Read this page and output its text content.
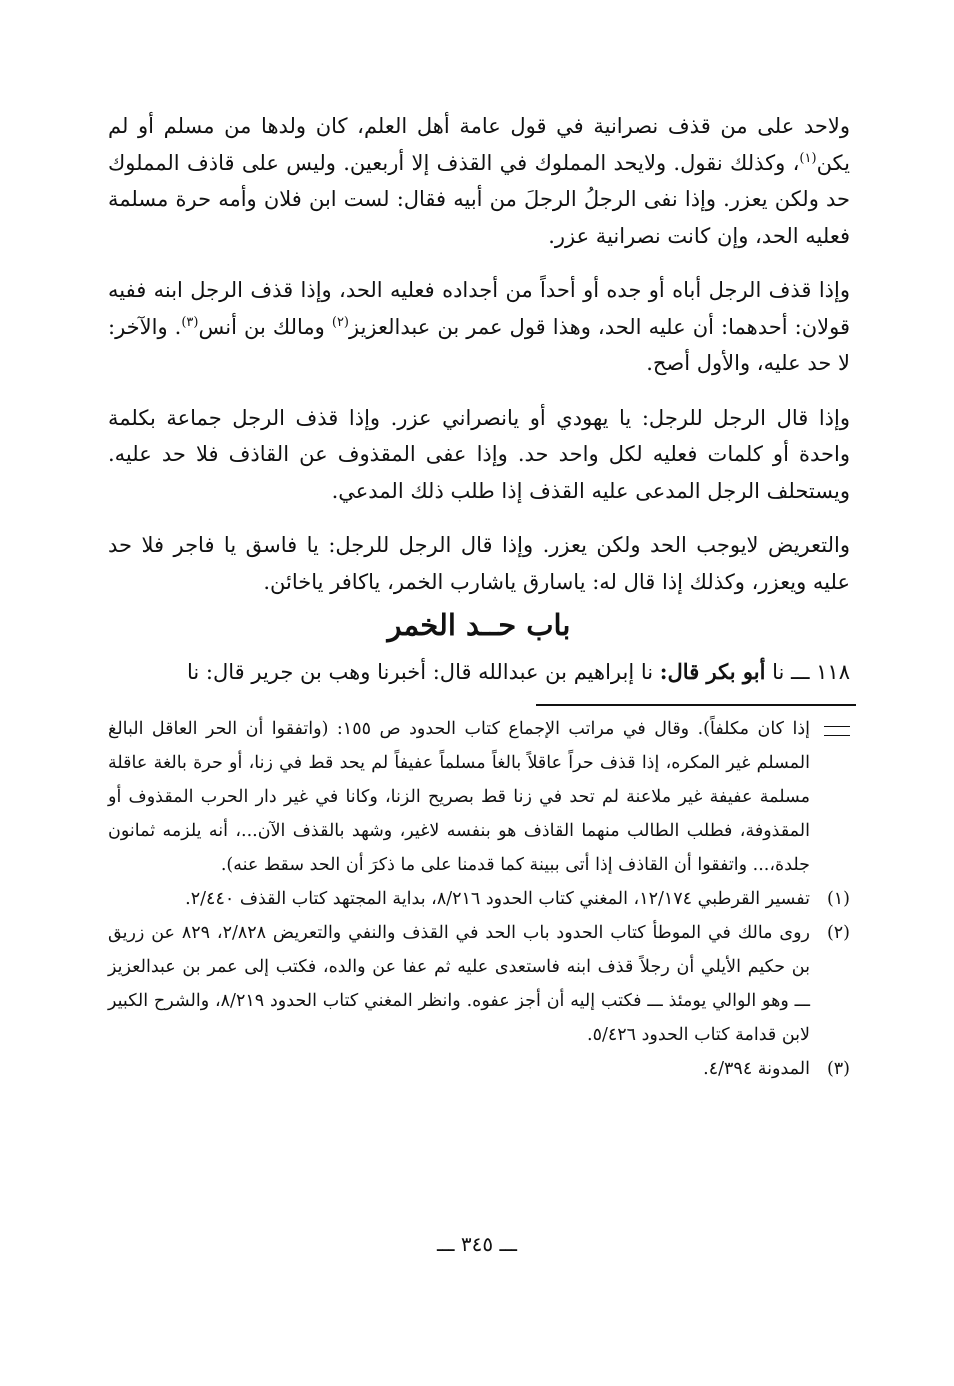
ولاحد على من قذف نصرانية في قول عامة أهل العلم، كان ولدها من مسلم أو لم يكن$^{(١)}$، وكذلك نقول. ولايحد المملوك في القذف إلا أربعين. وليس على قاذف المملوك حد ولكن يعزر. وإذا نفى الرجلُ الرجلَ من أبيه فقال: لست ابن فلان وأمه حرة مسلمة فعليه الحد، وإن كانت نصرانية عزر.

وإذا قذف الرجل أباه أو جده أو أحداً من أجداده فعليه الحد، وإذا قذف الرجل ابنه ففيه قولان: أحدهما: أن عليه الحد، وهذا قول عمر بن عبدالعزيز$^{(٢)}$ ومالك بن أنس$^{(٣)}$. والآخر: لا حد عليه، والأول أصح.

وإذا قال الرجل للرجل: يا يهودي أو يانصراني عزر. وإذا قذف الرجل جماعة بكلمة واحدة أو كلمات فعليه لكل واحد حد. وإذا عفى المقذوف عن القاذف فلا حد عليه. ويستحلف الرجل المدعى عليه القذف إذا طلب ذلك المدعي.

والتعريض لايوجب الحد ولكن يعزر. وإذا قال الرجل للرجل: يا فاسق يا فاجر فلا حد عليه ويعزر، وكذلك إذا قال له: ياسارق ياشارب الخمر، ياكافر ياخائن.

باب حــد الخمر

١١٨ ـــ نا أبو بكر قال: نا إبراهيم بن عبدالله قال: أخبرنا وهب بن جرير قال: نا

إذا كان مكلفاً). وقال في مراتب الإجماع كتاب الحدود ص ١٥٥: (واتفقوا أن الحر العاقل البالغ المسلم غير المكره، إذا قذف حراً عاقلاً بالغاً مسلماً عفيفاً لم يحد قط في زنا، أو حرة بالغة عاقلة مسلمة عفيفة غير ملاعنة لم تحد في زنا قط بصريح الزنا، وكانا في غير دار الحرب المقذوف أو المقذوفة، فطلب الطالب منهما القاذف هو بنفسه لاغير، وشهد بالقذف الآن...، أنه يلزمه ثمانون جلدة،... واتفقوا أن القاذف إذا أتى ببينة كما قدمنا على ما ذكرَ أن الحد سقط عنه).
(١)
تفسير القرطبي ١٢/١٧٤، المغني كتاب الحدود ٨/٢١٦، بداية المجتهد كتاب القذف ٢/٤٤٠.
(٢)
روى مالك في الموطأ كتاب الحدود باب الحد في القذف والنفي والتعريض ٢/٨٢٨، ٨٢٩ عن زريق بن حكيم الأيلي أن رجلاً قذف ابنه فاستعدى عليه ثم عفا عن والده، فكتب إلى عمر بن عبدالعزيز ـــ وهو الوالي يومئذ ـــ فكتب إليه أن أجز عفوه. وانظر المغني كتاب الحدود ٨/٢١٩، والشرح الكبير لابن قدامة كتاب الحدود ٥/٤٢٦.
(٣)
المدونة ٤/٣٩٤.
ـــ ٣٤٥ ـــ
